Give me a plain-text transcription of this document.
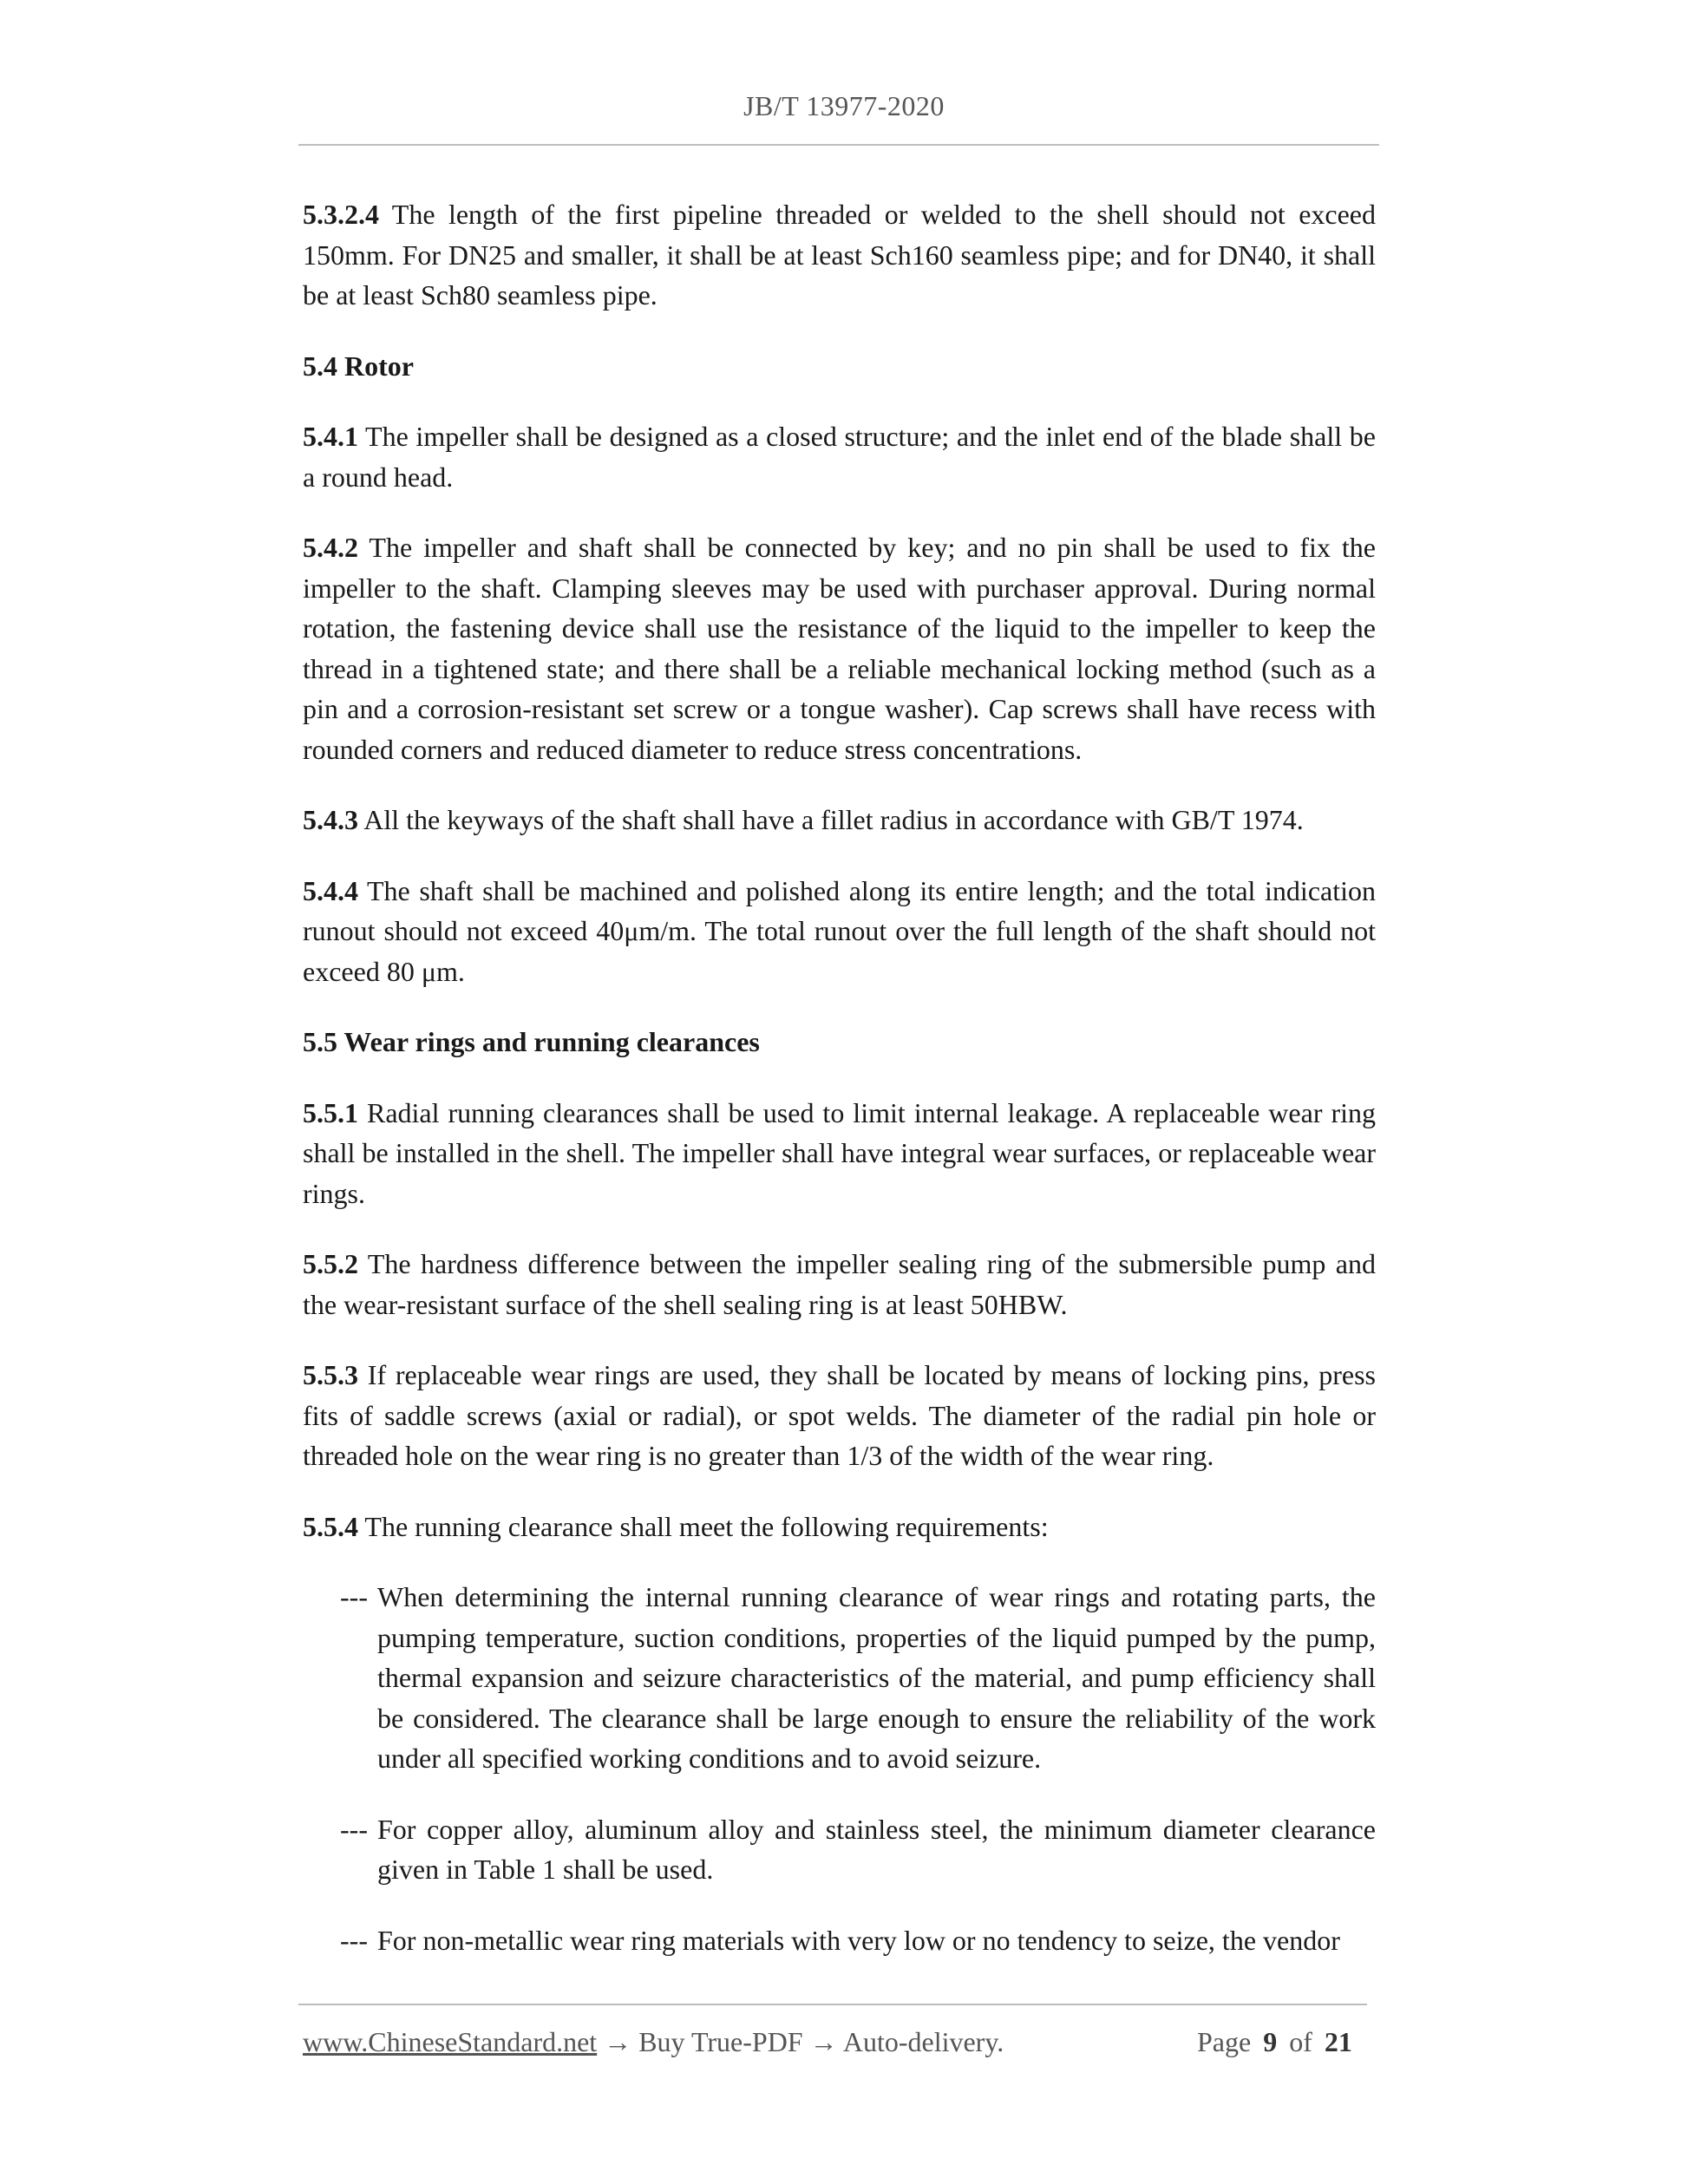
JB/T 13977-2020

5.3.2.4 The length of the first pipeline threaded or welded to the shell should not exceed 150mm. For DN25 and smaller, it shall be at least Sch160 seamless pipe; and for DN40, it shall be at least Sch80 seamless pipe.

5.4 Rotor

5.4.1 The impeller shall be designed as a closed structure; and the inlet end of the blade shall be a round head.

5.4.2 The impeller and shaft shall be connected by key; and no pin shall be used to fix the impeller to the shaft. Clamping sleeves may be used with purchaser approval. During normal rotation, the fastening device shall use the resistance of the liquid to the impeller to keep the thread in a tightened state; and there shall be a reliable mechanical locking method (such as a pin and a corrosion-resistant set screw or a tongue washer). Cap screws shall have recess with rounded corners and reduced diameter to reduce stress concentrations.

5.4.3 All the keyways of the shaft shall have a fillet radius in accordance with GB/T 1974.

5.4.4 The shaft shall be machined and polished along its entire length; and the total indication runout should not exceed 40μm/m. The total runout over the full length of the shaft should not exceed 80 μm.

5.5 Wear rings and running clearances

5.5.1 Radial running clearances shall be used to limit internal leakage. A replaceable wear ring shall be installed in the shell. The impeller shall have integral wear surfaces, or replaceable wear rings.

5.5.2 The hardness difference between the impeller sealing ring of the submersible pump and the wear-resistant surface of the shell sealing ring is at least 50HBW.

5.5.3 If replaceable wear rings are used, they shall be located by means of locking pins, press fits of saddle screws (axial or radial), or spot welds. The diameter of the radial pin hole or threaded hole on the wear ring is no greater than 1/3 of the width of the wear ring.

5.5.4 The running clearance shall meet the following requirements:

--- When determining the internal running clearance of wear rings and rotating parts, the pumping temperature, suction conditions, properties of the liquid pumped by the pump, thermal expansion and seizure characteristics of the material, and pump efficiency shall be considered. The clearance shall be large enough to ensure the reliability of the work under all specified working conditions and to avoid seizure.
--- For copper alloy, aluminum alloy and stainless steel, the minimum diameter clearance given in Table 1 shall be used.
--- For non-metallic wear ring materials with very low or no tendency to seize, the vendor
www.ChineseStandard.net → Buy True-PDF → Auto-delivery.	Page 9 of 21
